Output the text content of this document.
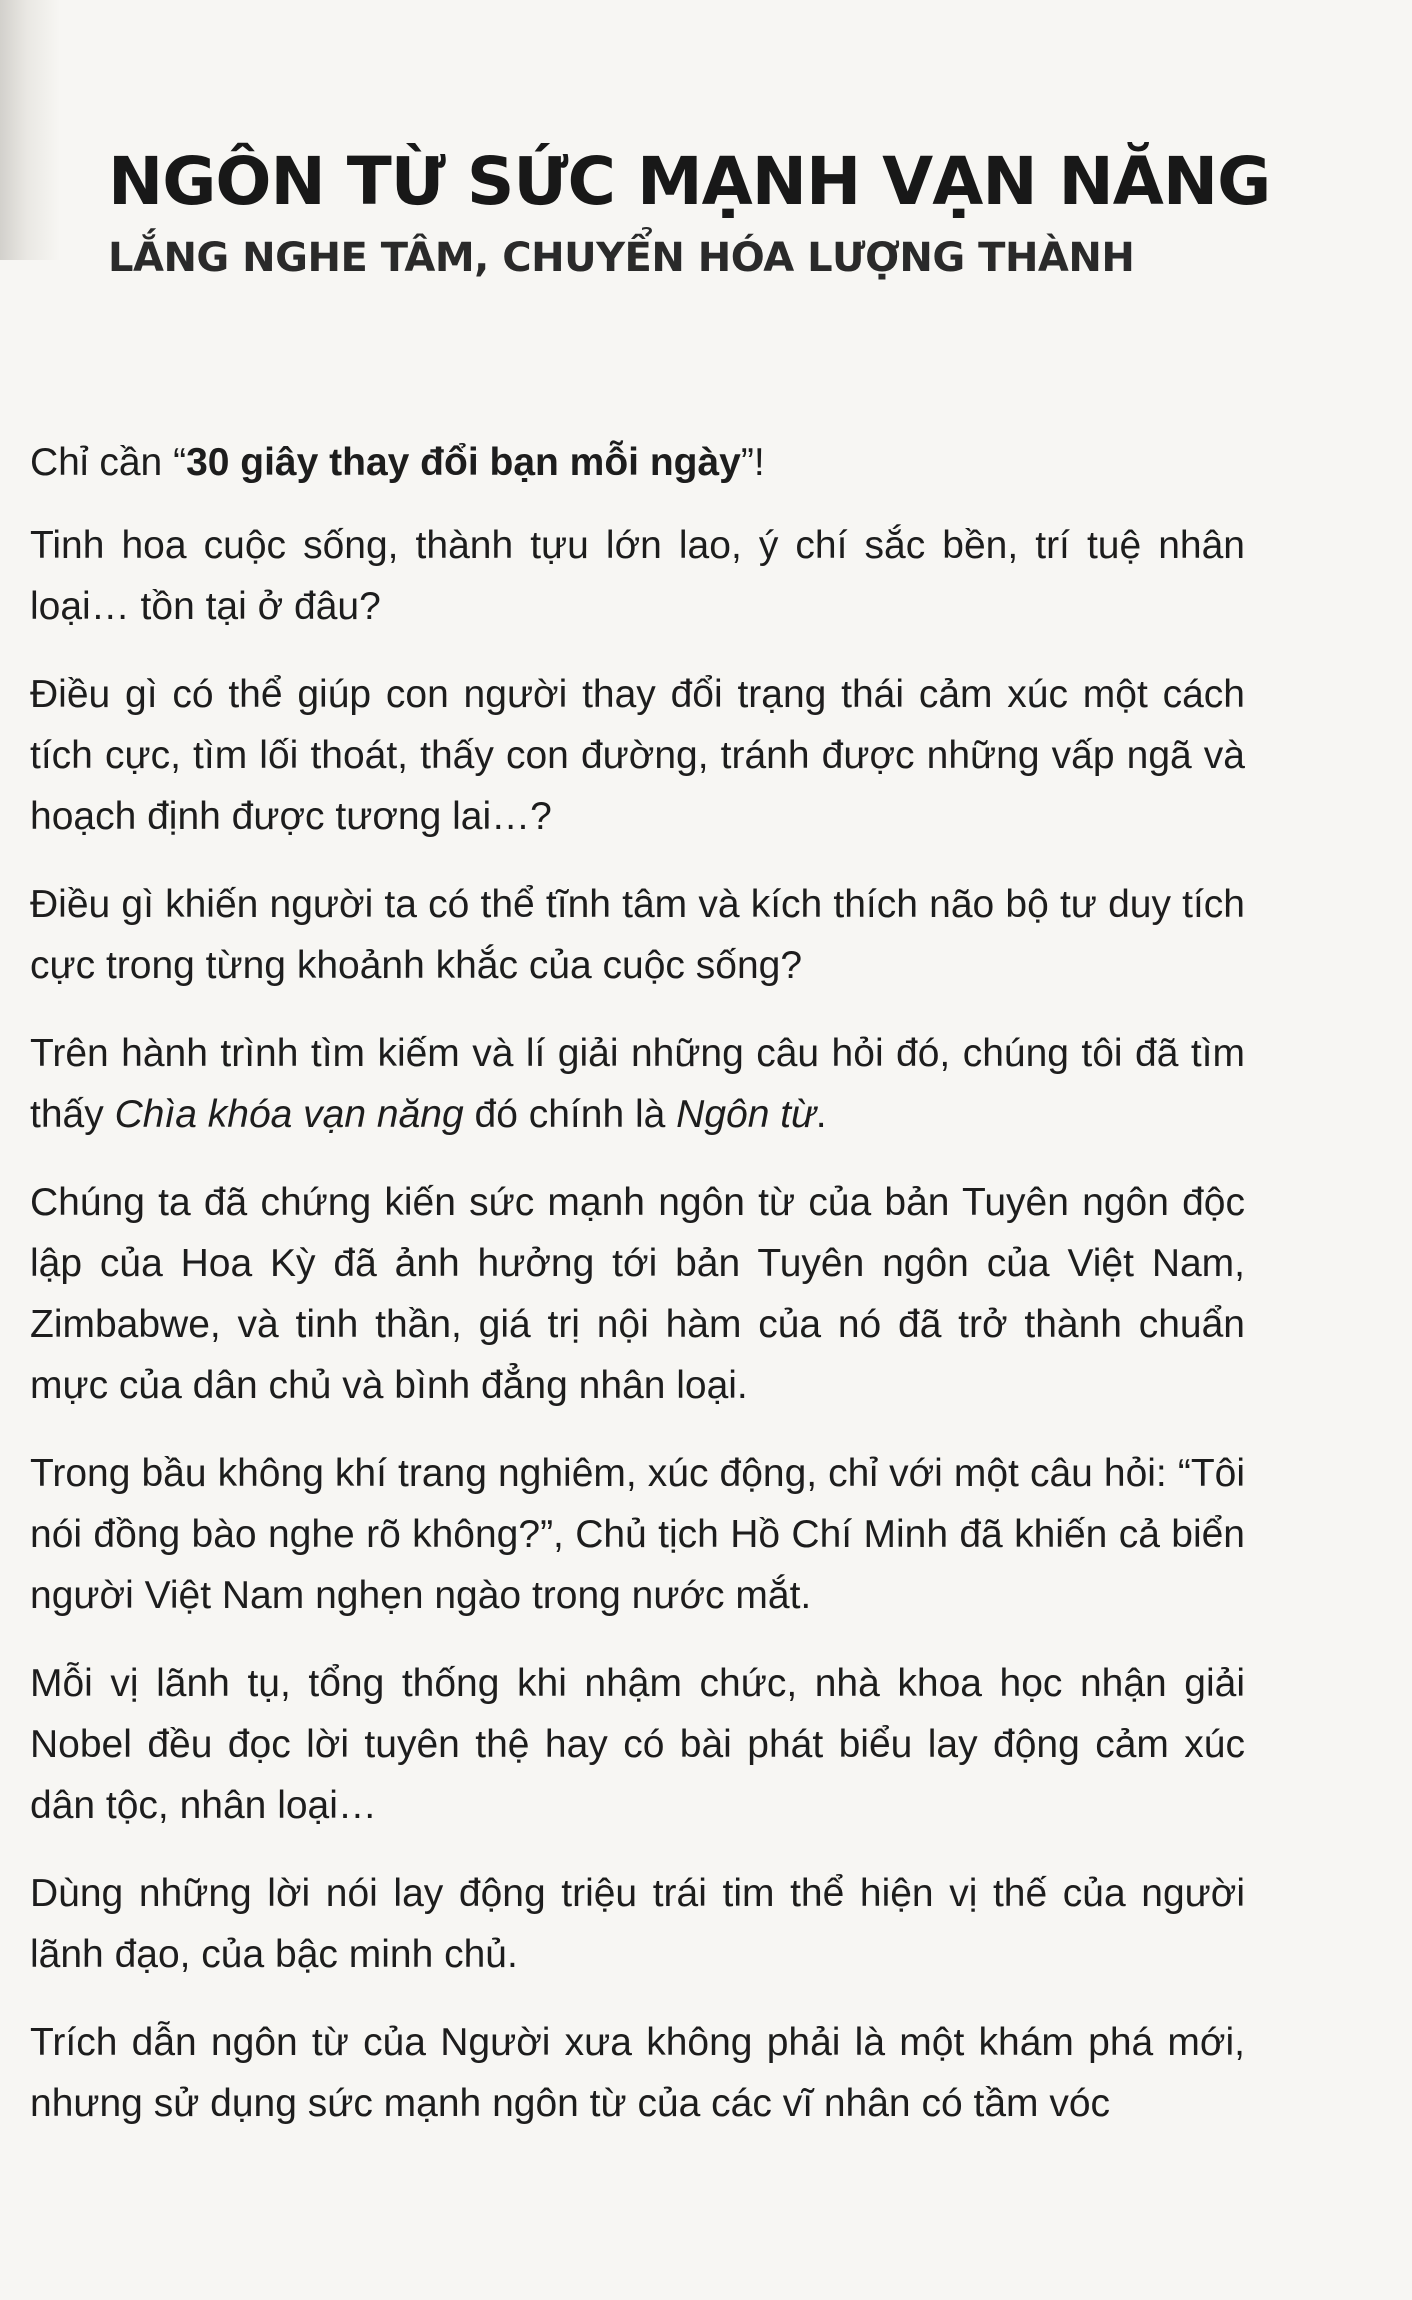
NGÔN TỪ SỨC MẠNH VẠN NĂNG
LẮNG NGHE TÂM, CHUYỂN HÓA LƯỢNG THÀNH

Chỉ cần “30 giây thay đổi bạn mỗi ngày”!

Tinh hoa cuộc sống, thành tựu lớn lao, ý chí sắc bền, trí tuệ nhân loại… tồn tại ở đâu?

Điều gì có thể giúp con người thay đổi trạng thái cảm xúc một cách tích cực, tìm lối thoát, thấy con đường, tránh được những vấp ngã và hoạch định được tương lai…?

Điều gì khiến người ta có thể tĩnh tâm và kích thích não bộ tư duy tích cực trong từng khoảnh khắc của cuộc sống?

Trên hành trình tìm kiếm và lí giải những câu hỏi đó, chúng tôi đã tìm thấy Chìa khóa vạn năng đó chính là Ngôn từ.

Chúng ta đã chứng kiến sức mạnh ngôn từ của bản Tuyên ngôn độc lập của Hoa Kỳ đã ảnh hưởng tới bản Tuyên ngôn của Việt Nam, Zimbabwe, và tinh thần, giá trị nội hàm của nó đã trở thành chuẩn mực của dân chủ và bình đẳng nhân loại.

Trong bầu không khí trang nghiêm, xúc động, chỉ với một câu hỏi: “Tôi nói đồng bào nghe rõ không?”, Chủ tịch Hồ Chí Minh đã khiến cả biển người Việt Nam nghẹn ngào trong nước mắt.

Mỗi vị lãnh tụ, tổng thống khi nhậm chức, nhà khoa học nhận giải Nobel đều đọc lời tuyên thệ hay có bài phát biểu lay động cảm xúc dân tộc, nhân loại…

Dùng những lời nói lay động triệu trái tim thể hiện vị thế của người lãnh đạo, của bậc minh chủ.

Trích dẫn ngôn từ của Người xưa không phải là một khám phá mới, nhưng sử dụng sức mạnh ngôn từ của các vĩ nhân có tầm vóc
